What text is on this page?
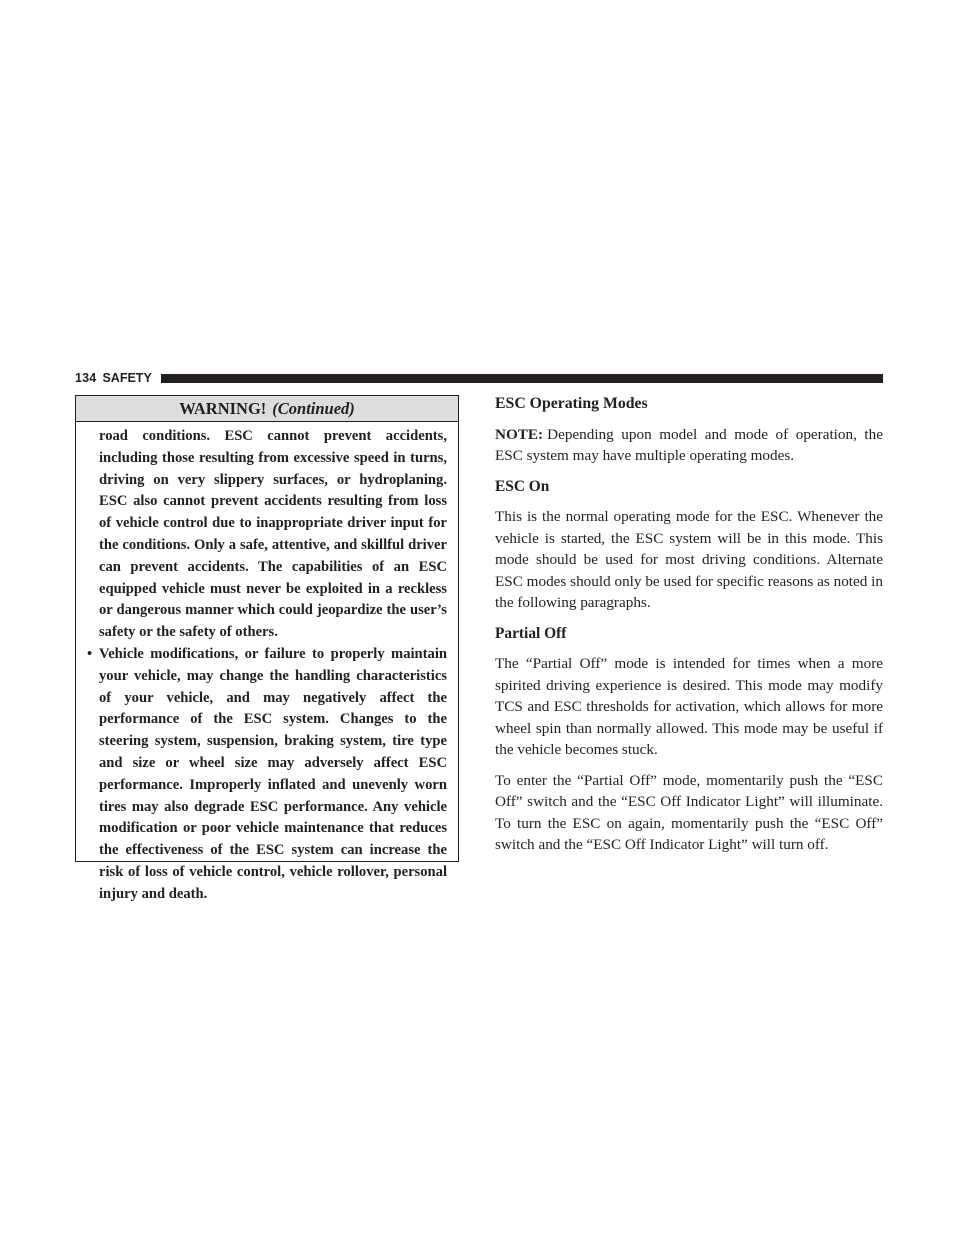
134 SAFETY
WARNING! (Continued)

road conditions. ESC cannot prevent accidents, including those resulting from excessive speed in turns, driving on very slippery surfaces, or hydroplaning. ESC also cannot prevent accidents resulting from loss of vehicle control due to inappropriate driver input for the conditions. Only a safe, attentive, and skillful driver can prevent accidents. The capabilities of an ESC equipped vehicle must never be exploited in a reckless or dangerous manner which could jeopardize the user’s safety or the safety of others.

• Vehicle modifications, or failure to properly maintain your vehicle, may change the handling characteristics of your vehicle, and may negatively affect the performance of the ESC system. Changes to the steering system, suspension, braking system, tire type and size or wheel size may adversely affect ESC performance. Improperly inflated and unevenly worn tires may also degrade ESC performance. Any vehicle modification or poor vehicle maintenance that reduces the effectiveness of the ESC system can increase the risk of loss of vehicle control, vehicle rollover, personal injury and death.
ESC Operating Modes

NOTE: Depending upon model and mode of operation, the ESC system may have multiple operating modes.

ESC On

This is the normal operating mode for the ESC. Whenever the vehicle is started, the ESC system will be in this mode. This mode should be used for most driving conditions. Alternate ESC modes should only be used for specific reasons as noted in the following paragraphs.

Partial Off

The “Partial Off” mode is intended for times when a more spirited driving experience is desired. This mode may modify TCS and ESC thresholds for activation, which allows for more wheel spin than normally allowed. This mode may be useful if the vehicle becomes stuck.

To enter the “Partial Off” mode, momentarily push the “ESC Off” switch and the “ESC Off Indicator Light” will illuminate. To turn the ESC on again, momentarily push the “ESC Off” switch and the “ESC Off Indicator Light” will turn off.
